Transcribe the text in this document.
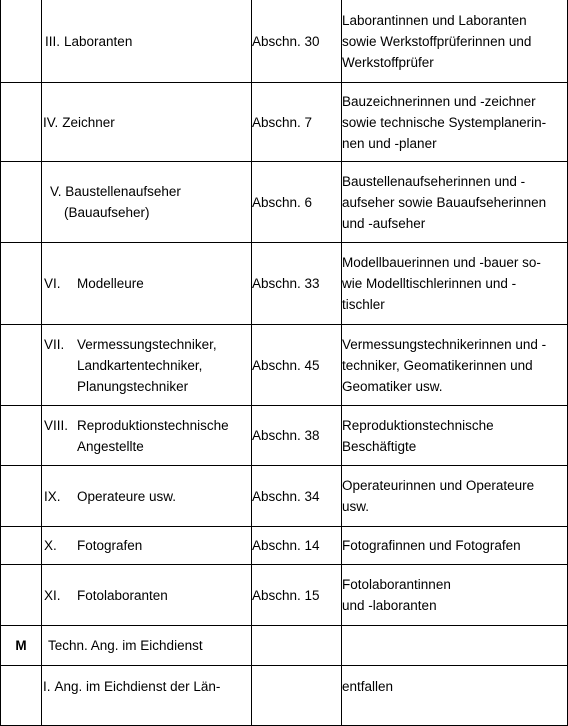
	III. Laboranten	Abschn. 30	Laborantinnen und Laboranten
sowie Werkstoffprüferinnen und
Werkstoffprüfer

	IV. Zeichner	Abschn. 7	Bauzeichnerinnen und -zeichner
sowie technische Systemplanerin-
nen und -planer

	V. Baustellenaufseher
(Bauaufseher)	Abschn. 6	Baustellenaufseherinnen und -
aufseher sowie Bauaufseherinnen
und -aufseher

	VI. Modelleure	Abschn. 33	Modellbauerinnen und -bauer so-
wie Modelltischlerinnen und -
tischler

	VII. Vermessungstechniker,
Landkartentechniker,
Planungstechniker	Abschn. 45	Vermessungstechnikerinnen und -
techniker, Geomatikerinnen und
Geomatiker usw.

	VIII. Reproduktionstechnische
Angestellte	Abschn. 38	Reproduktionstechnische
Beschäftigte

	IX. Operateure usw.	Abschn. 34	Operateurinnen und Operateure
usw.

	X. Fotografen	Abschn. 14	Fotografinnen und Fotografen

	XI. Fotolaboranten	Abschn. 15	Fotolaborantinnen
und -laboranten

M	Techn. Ang. im Eichdienst		

	I. Ang. im Eichdienst der Län-		entfallen
